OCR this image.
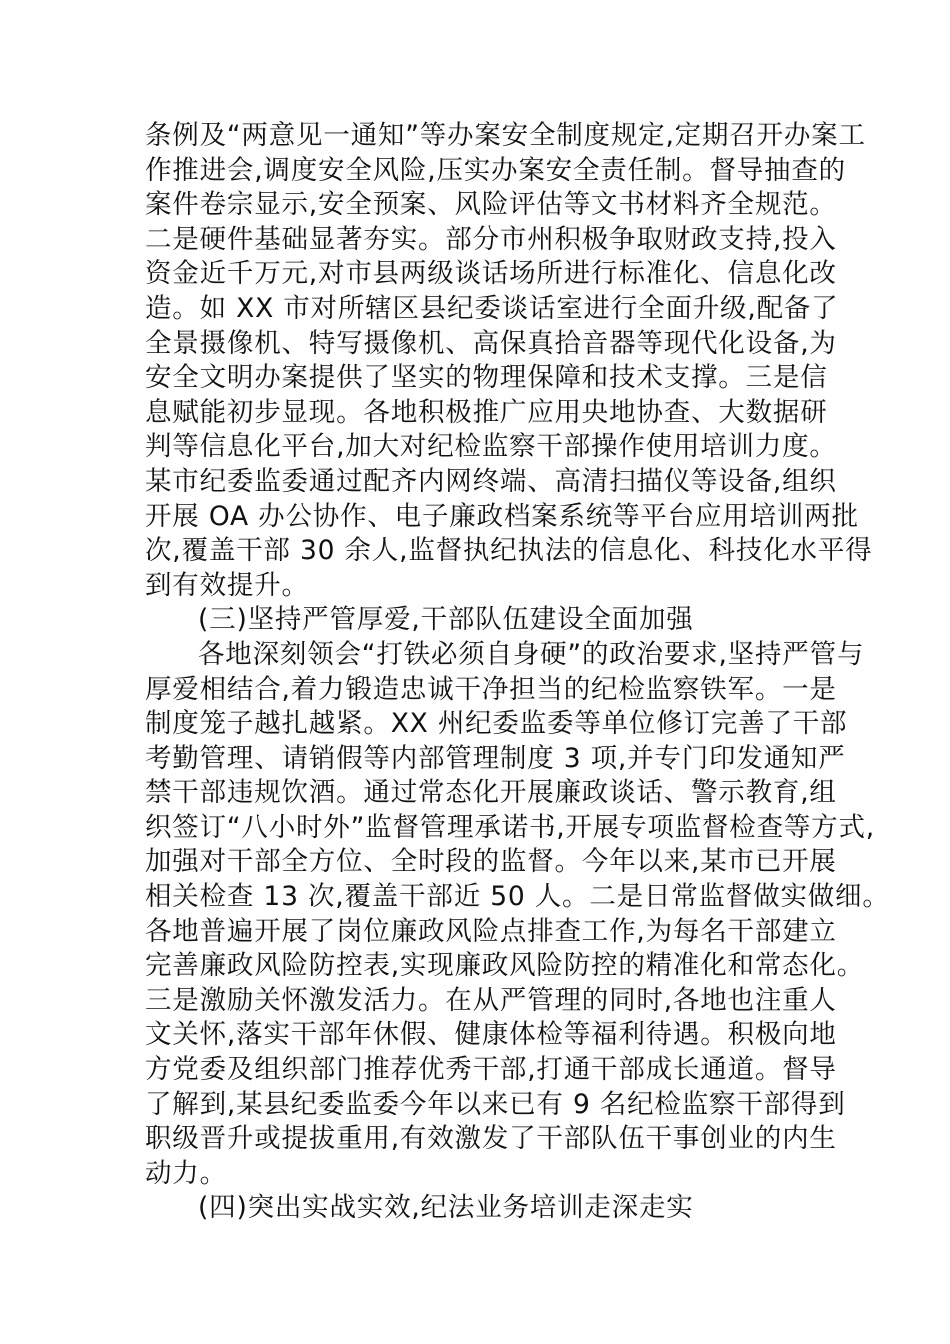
条例及“两意见一通知”等办案安全制度规定,定期召开办案工
作推进会,调度安全风险,压实办案安全责任制。督导抽查的
案件卷宗显示,安全预案、风险评估等文书材料齐全规范。
二是硬件基础显著夯实。部分市州积极争取财政支持,投入
资金近千万元,对市县两级谈话场所进行标准化、信息化改
造。如 XX 市对所辖区县纪委谈话室进行全面升级,配备了
全景摄像机、特写摄像机、高保真拾音器等现代化设备,为
安全文明办案提供了坚实的物理保障和技术支撑。三是信
息赋能初步显现。各地积极推广应用央地协查、大数据研
判等信息化平台,加大对纪检监察干部操作使用培训力度。
某市纪委监委通过配齐内网终端、高清扫描仪等设备,组织
开展 OA 办公协作、电子廉政档案系统等平台应用培训两批
次,覆盖干部 30 余人,监督执纪执法的信息化、科技化水平得
到有效提升。
(三)坚持严管厚爱,干部队伍建设全面加强
各地深刻领会“打铁必须自身硬”的政治要求,坚持严管与
厚爱相结合,着力锻造忠诚干净担当的纪检监察铁军。一是
制度笼子越扎越紧。XX 州纪委监委等单位修订完善了干部
考勤管理、请销假等内部管理制度 3 项,并专门印发通知严
禁干部违规饮酒。通过常态化开展廉政谈话、警示教育,组
织签订“八小时外”监督管理承诺书,开展专项监督检查等方式,
加强对干部全方位、全时段的监督。今年以来,某市已开展
相关检查 13 次,覆盖干部近 50 人。二是日常监督做实做细。
各地普遍开展了岗位廉政风险点排查工作,为每名干部建立
完善廉政风险防控表,实现廉政风险防控的精准化和常态化。
三是激励关怀激发活力。在从严管理的同时,各地也注重人
文关怀,落实干部年休假、健康体检等福利待遇。积极向地
方党委及组织部门推荐优秀干部,打通干部成长通道。督导
了解到,某县纪委监委今年以来已有 9 名纪检监察干部得到
职级晋升或提拔重用,有效激发了干部队伍干事创业的内生
动力。
(四)突出实战实效,纪法业务培训走深走实
